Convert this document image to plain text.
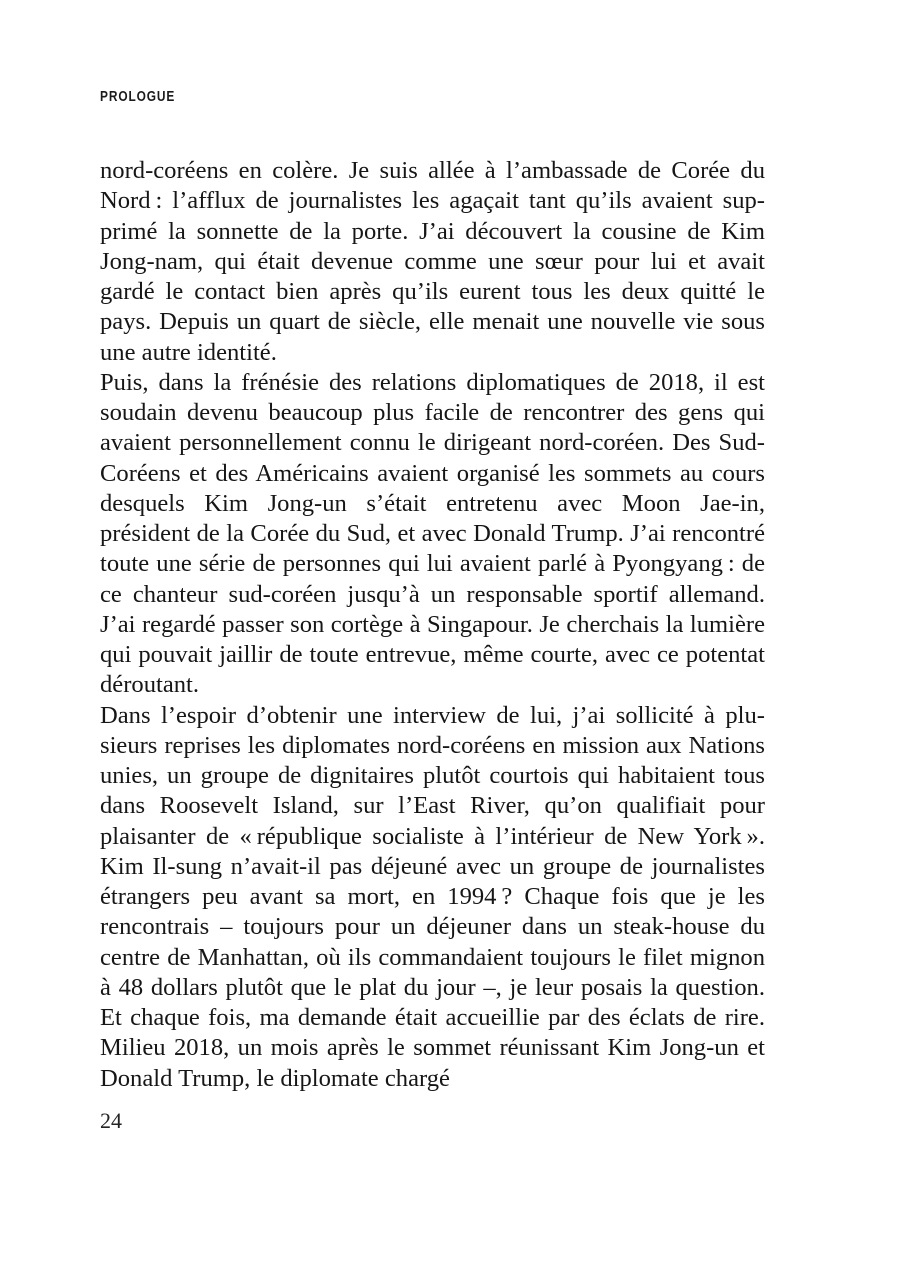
PROLOGUE

nord-coréens en colère. Je suis allée à l’ambassade de Corée du Nord : l’afflux de journalistes les agaçait tant qu’ils avaient supprimé la sonnette de la porte. J’ai découvert la cousine de Kim Jong-nam, qui était devenue comme une sœur pour lui et avait gardé le contact bien après qu’ils eurent tous les deux quitté le pays. Depuis un quart de siècle, elle menait une nouvelle vie sous une autre identité.

Puis, dans la frénésie des relations diplomatiques de 2018, il est soudain devenu beaucoup plus facile de rencontrer des gens qui avaient personnellement connu le dirigeant nord-coréen. Des Sud-Coréens et des Américains avaient organisé les sommets au cours desquels Kim Jong-un s’était entretenu avec Moon Jae-in, président de la Corée du Sud, et avec Donald Trump. J’ai rencontré toute une série de personnes qui lui avaient parlé à Pyongyang : de ce chanteur sud-coréen jusqu’à un responsable sportif allemand. J’ai regardé passer son cortège à Singapour. Je cherchais la lumière qui pouvait jaillir de toute entrevue, même courte, avec ce potentat déroutant.

Dans l’espoir d’obtenir une interview de lui, j’ai sollicité à plusieurs reprises les diplomates nord-coréens en mission aux Nations unies, un groupe de dignitaires plutôt courtois qui habitaient tous dans Roosevelt Island, sur l’East River, qu’on qualifiait pour plaisanter de « république socialiste à l’intérieur de New York ». Kim Il-sung n’avait-il pas déjeuné avec un groupe de journalistes étrangers peu avant sa mort, en 1994 ? Chaque fois que je les rencontrais – toujours pour un déjeuner dans un steak-house du centre de Manhattan, où ils commandaient toujours le filet mignon à 48 dollars plutôt que le plat du jour –, je leur posais la question. Et chaque fois, ma demande était accueillie par des éclats de rire. Milieu 2018, un mois après le sommet réunissant Kim Jong-un et Donald Trump, le diplomate chargé

24
